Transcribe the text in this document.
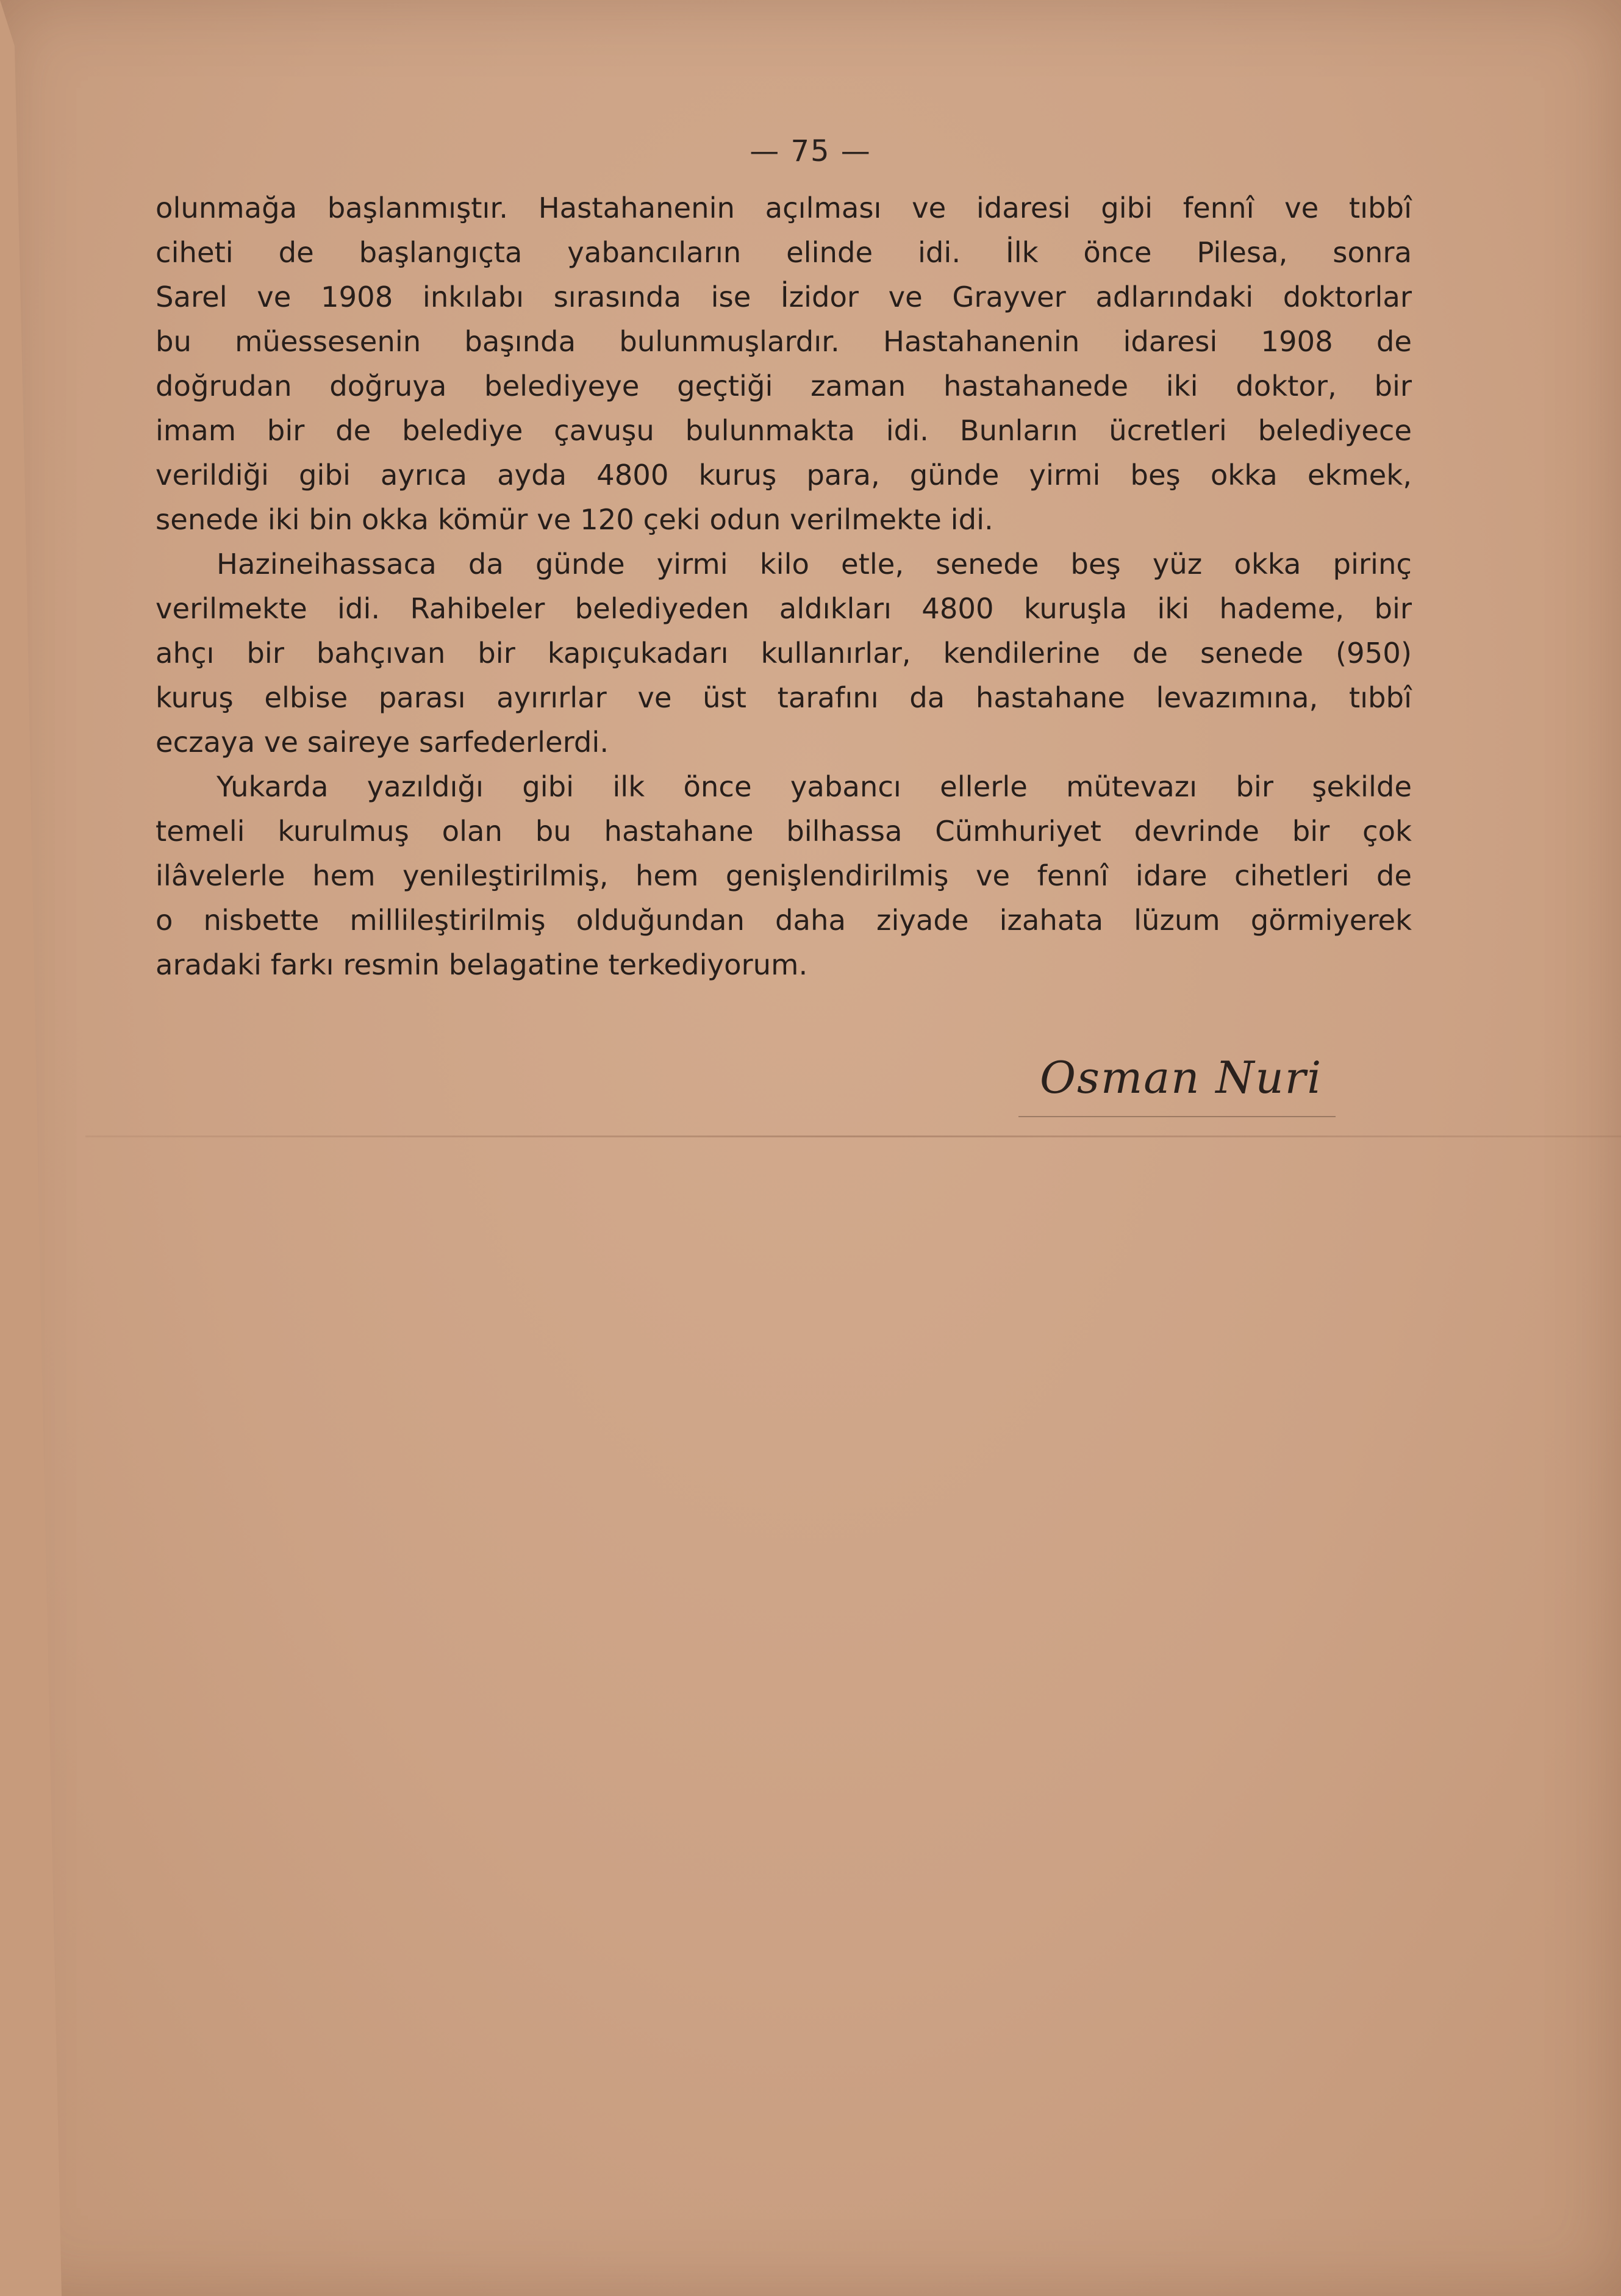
— 75 —
olunmağa başlanmıştır. Hastahanenin açılması ve idaresi gibi fennî ve tıbbî
ciheti de başlangıçta yabancıların elinde idi. İlk önce Pilesa, sonra
Sarel ve 1908 inkılabı sırasında ise İzidor ve Grayver adlarındaki doktorlar
bu müessesenin başında bulunmuşlardır. Hastahanenin idaresi 1908 de
doğrudan doğruya belediyeye geçtiği zaman hastahanede iki doktor, bir
imam bir de belediye çavuşu bulunmakta idi. Bunların ücretleri belediyece
verildiği gibi ayrıca ayda 4800 kuruş para, günde yirmi beş okka ekmek,
senede iki bin okka kömür ve 120 çeki odun verilmekte idi.
Hazineihassaca da günde yirmi kilo etle, senede beş yüz okka pirinç
verilmekte idi. Rahibeler belediyeden aldıkları 4800 kuruşla iki hademe, bir
ahçı bir bahçıvan bir kapıçukadarı kullanırlar, kendilerine de senede (950)
kuruş elbise parası ayırırlar ve üst tarafını da hastahane levazımına, tıbbî
eczaya ve saireye sarfederlerdi.
Yukarda yazıldığı gibi ilk önce yabancı ellerle mütevazı bir şekilde
temeli kurulmuş olan bu hastahane bilhassa Cümhuriyet devrinde bir çok
ilâvelerle hem yenileştirilmiş, hem genişlendirilmiş ve fennî idare cihetleri de
o nisbette millileştirilmiş olduğundan daha ziyade izahata lüzum görmiyerek
aradaki farkı resmin belagatine terkediyorum.
Osman Nuri
